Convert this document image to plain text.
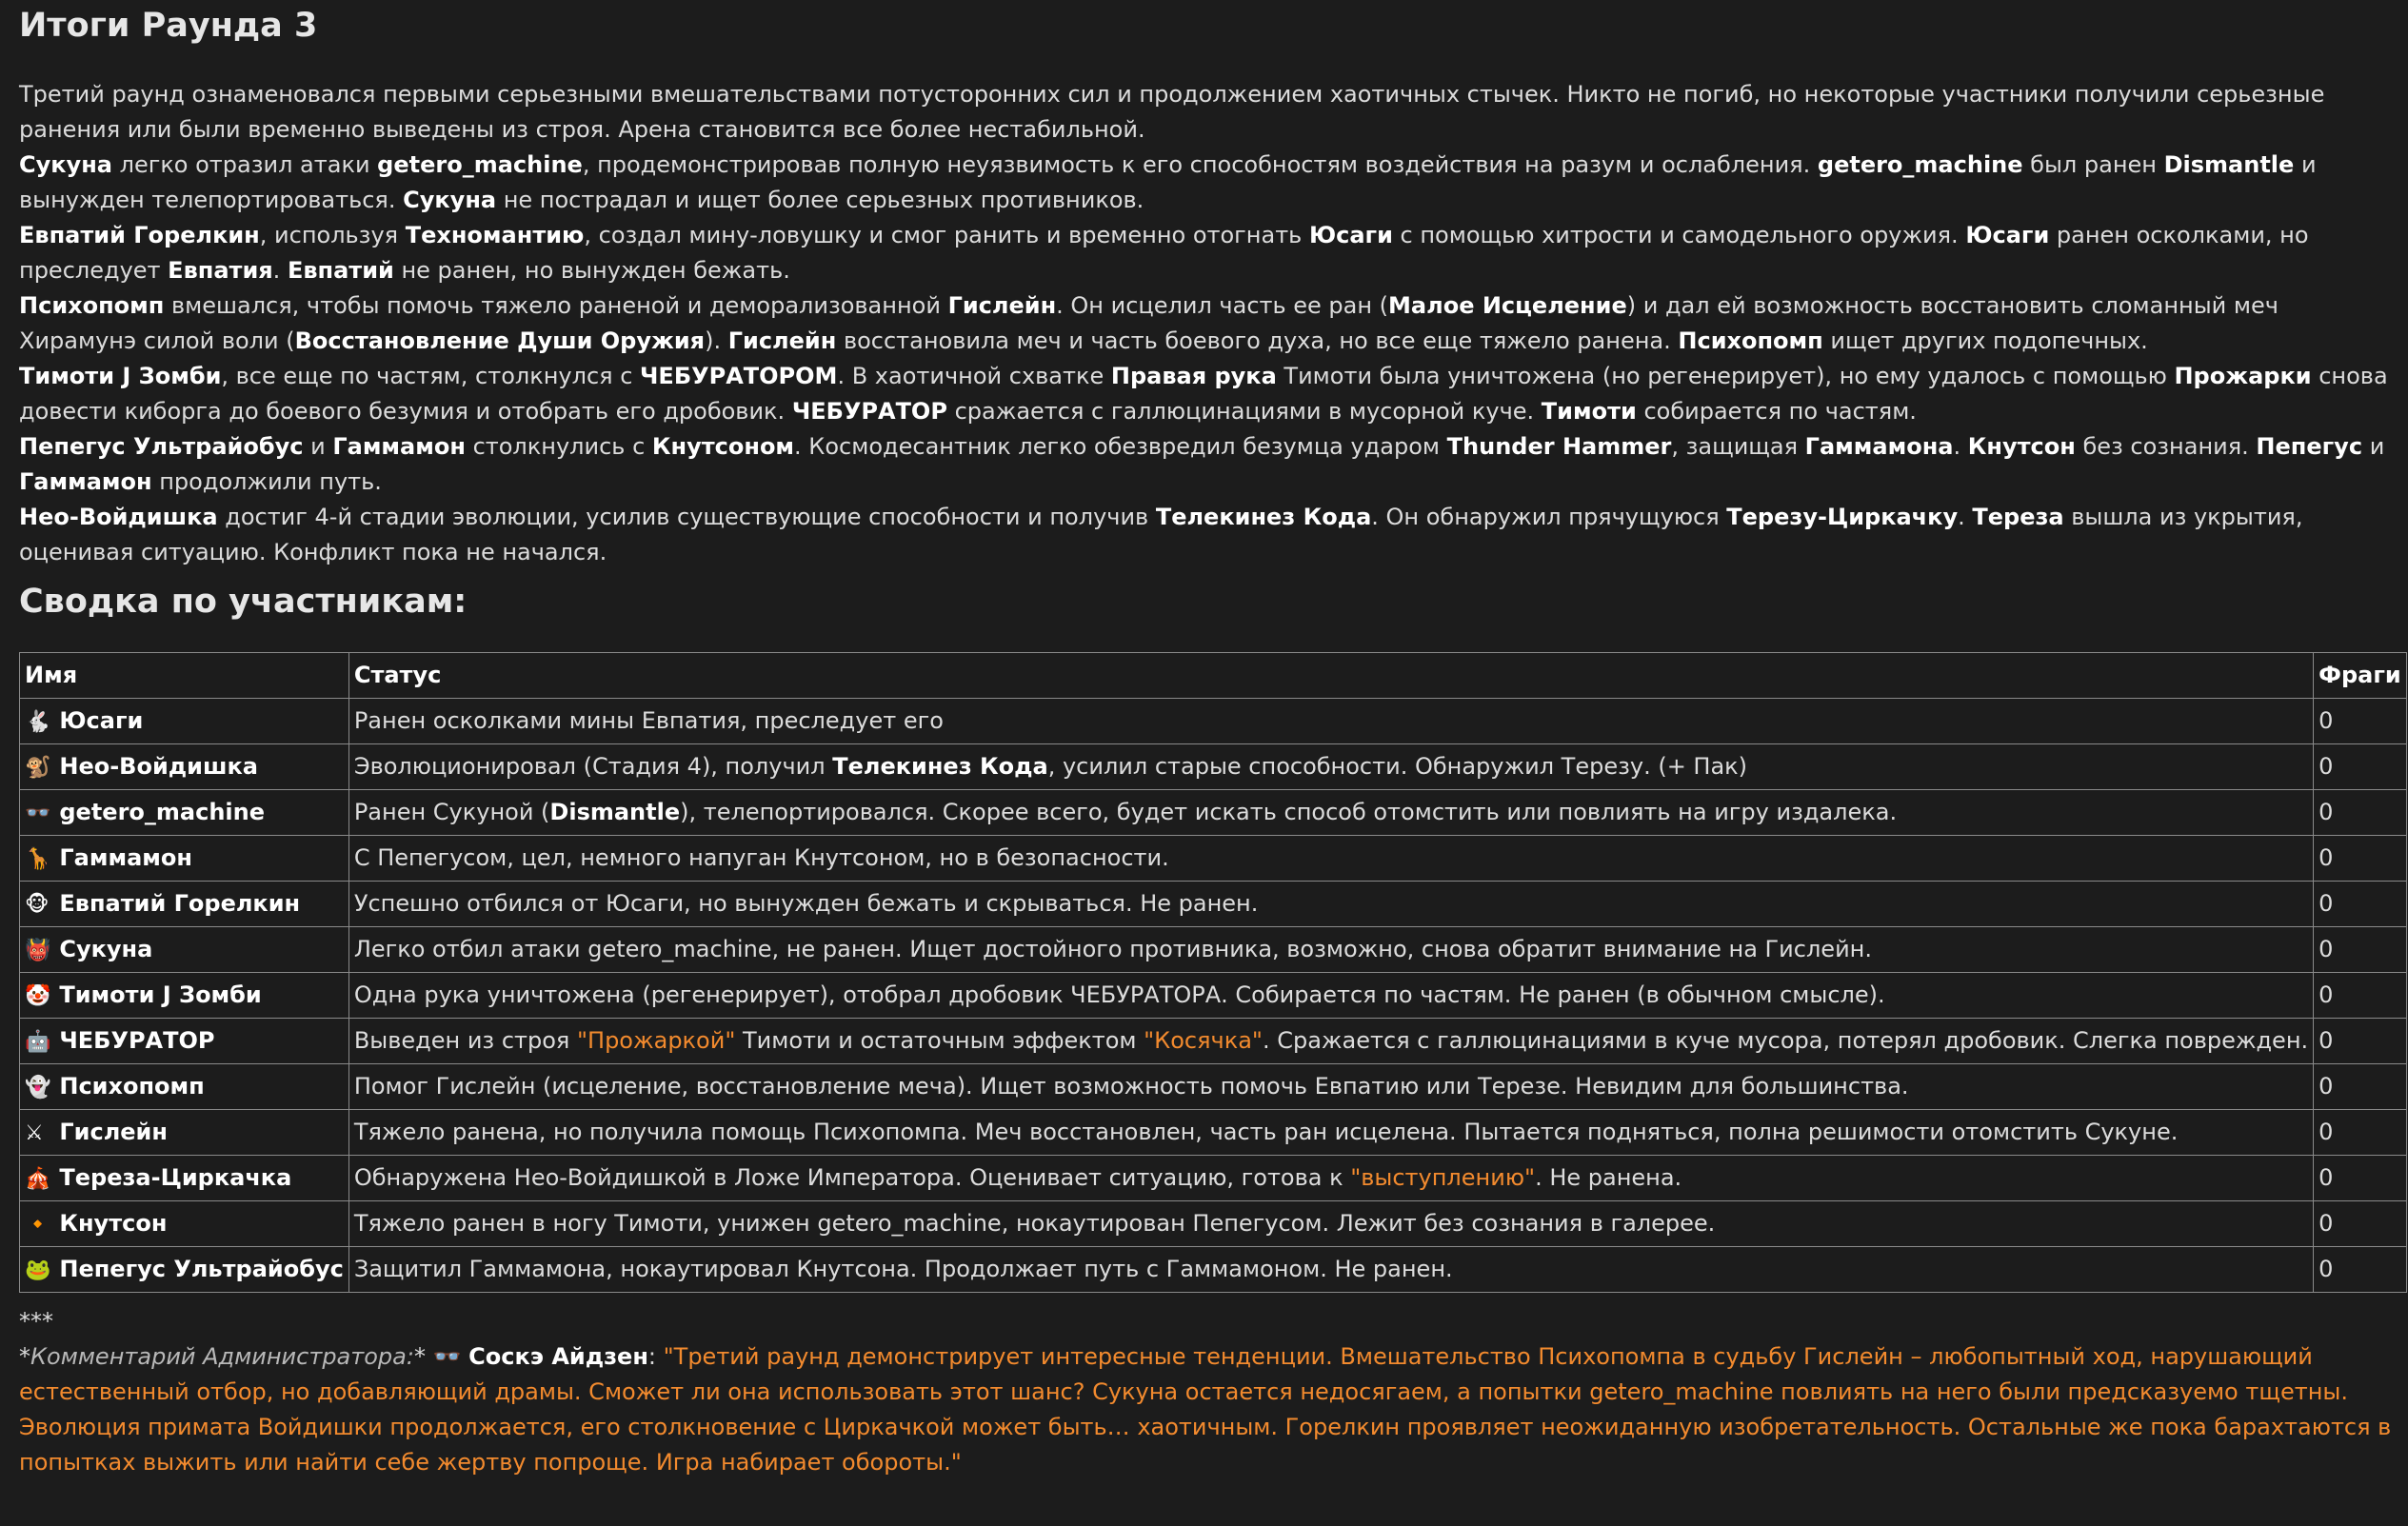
Итоги Раунда 3

Третий раунд ознаменовался первыми серьезными вмешательствами потусторонних сил и продолжением хаотичных стычек. Никто не погиб, но некоторые участники получили серьезные ранения или были временно выведены из строя. Арена становится все более нестабильной.

Сукуна легко отразил атаки getero_machine, продемонстрировав полную неуязвимость к его способностям воздействия на разум и ослабления. getero_machine был ранен Dismantle и вынужден телепортироваться. Сукуна не пострадал и ищет более серьезных противников.

Евпатий Горелкин, используя Техномантию, создал мину-ловушку и смог ранить и временно отогнать Юсаги с помощью хитрости и самодельного оружия. Юсаги ранен осколками, но преследует Евпатия. Евпатий не ранен, но вынужден бежать.

Психопомп вмешался, чтобы помочь тяжело раненой и деморализованной Гислейн. Он исцелил часть ее ран (Малое Исцеление) и дал ей возможность восстановить сломанный меч Хирамунэ силой воли (Восстановление Души Оружия). Гислейн восстановила меч и часть боевого духа, но все еще тяжело ранена. Психопомп ищет других подопечных.

Тимоти J Зомби, все еще по частям, столкнулся с ЧЕБУРАТОРОМ. В хаотичной схватке Правая рука Тимоти была уничтожена (но регенерирует), но ему удалось с помощью Прожарки снова довести киборга до боевого безумия и отобрать его дробовик. ЧЕБУРАТОР сражается с галлюцинациями в мусорной куче. Тимоти собирается по частям.

Пепегус Ультрайобус и Гаммамон столкнулись с Кнутсоном. Космодесантник легко обезвредил безумца ударом Thunder Hammer, защищая Гаммамона. Кнутсон без сознания. Пепегус и Гаммамон продолжили путь.

Нео-Войдишка достиг 4-й стадии эволюции, усилив существующие способности и получив Телекинез Кода. Он обнаружил прячущуюся Терезу-Циркачку. Тереза вышла из укрытия, оценивая ситуацию. Конфликт пока не начался.

Сводка по участникам:
Имя	Статус	Фраги
🐇 Юсаги	Ранен осколками мины Евпатия, преследует его	0
🐒 Нео-Войдишка	Эволюционировал (Стадия 4), получил Телекинез Кода, усилил старые способности. Обнаружил Терезу. (+ Пак)	0
👓 getero_machine	Ранен Сукуной (Dismantle), телепортировался. Скорее всего, будет искать способ отомстить или повлиять на игру издалека.	0
🦒 Гаммамон	С Пепегусом, цел, немного напуган Кнутсоном, но в безопасности.	0
🐵 Евпатий Горелкин	Успешно отбился от Юсаги, но вынужден бежать и скрываться. Не ранен.	0
👹 Сукуна	Легко отбил атаки getero_machine, не ранен. Ищет достойного противника, возможно, снова обратит внимание на Гислейн.	0
🤡 Тимоти J Зомби	Одна рука уничтожена (регенерирует), отобрал дробовик ЧЕБУРАТОРА. Собирается по частям. Не ранен (в обычном смысле).	0
🤖 ЧЕБУРАТОР	Выведен из строя "Прожаркой" Тимоти и остаточным эффектом "Косячка". Сражается с галлюцинациями в куче мусора, потерял дробовик. Слегка поврежден.	0
👻 Психопомп	Помог Гислейн (исцеление, восстановление меча). Ищет возможность помочь Евпатию или Терезе. Невидим для большинства.	0
⚔ Гислейн	Тяжело ранена, но получила помощь Психопомпа. Меч восстановлен, часть ран исцелена. Пытается подняться, полна решимости отомстить Сукуне.	0
🎪 Тереза-Циркачка	Обнаружена Нео-Войдишкой в Ложе Императора. Оценивает ситуацию, готова к "выступлению". Не ранена.	0
🔸 Кнутсон	Тяжело ранен в ногу Тимоти, унижен getero_machine, нокаутирован Пепегусом. Лежит без сознания в галерее.	0
🐸 Пепегус Ультрайобус	Защитил Гаммамона, нокаутировал Кнутсона. Продолжает путь с Гаммамоном. Не ранен.	0

***

*Комментарий Администратора:* 👓 Соскэ Айдзен: "Третий раунд демонстрирует интересные тенденции. Вмешательство Психопомпа в судьбу Гислейн – любопытный ход, нарушающий естественный отбор, но добавляющий драмы. Сможет ли она использовать этот шанс? Сукуна остается недосягаем, а попытки getero_machine повлиять на него были предсказуемо тщетны. Эволюция примата Войдишки продолжается, его столкновение с Циркачкой может быть… хаотичным. Горелкин проявляет неожиданную изобретательность. Остальные же пока барахтаются в попытках выжить или найти себе жертву попроще. Игра набирает обороты."
